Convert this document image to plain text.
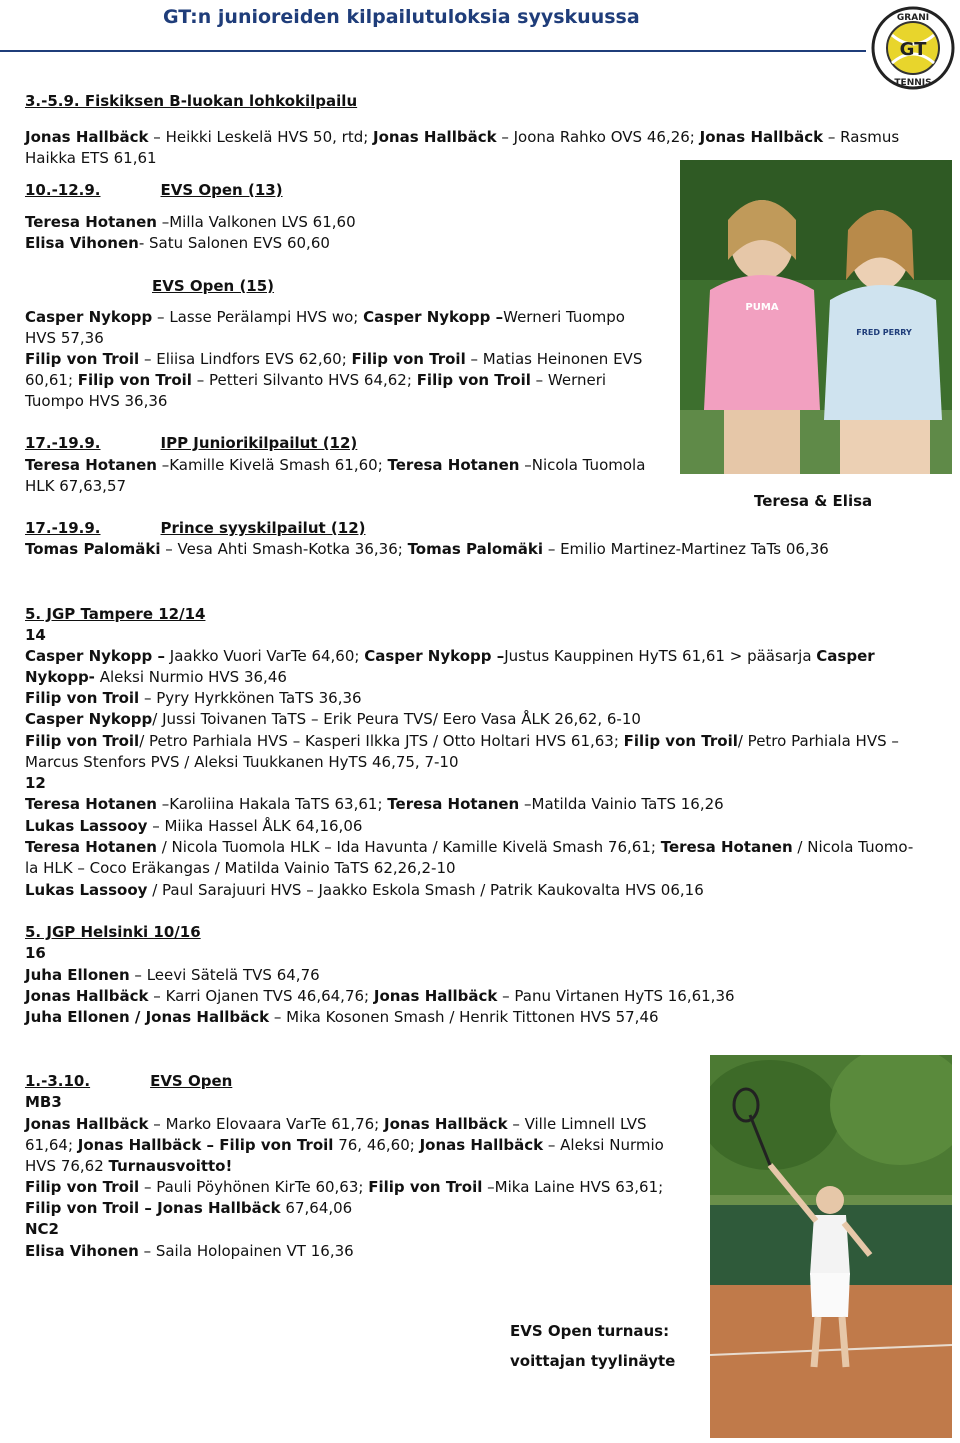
GT:n junioreiden kilpailutuloksia syyskuussa
GT
GRANI
TENNIS
3.-5.9. Fiskiksen B-luokan lohkokilpailu
Jonas Hallbäck – Heikki Leskelä HVS 50, rtd; Jonas Hallbäck – Joona Rahko OVS 46,26; Jonas Hallbäck – Rasmus
Haikka ETS 61,61
10.-12.9.	EVS Open (13)
Teresa Hotanen –Milla Valkonen LVS 61,60
Elisa Vihonen- Satu Salonen EVS 60,60
EVS Open (15)
Casper Nykopp – Lasse Perälampi HVS wo; Casper Nykopp –Werneri Tuompo
HVS 57,36
Filip von Troil – Eliisa Lindfors EVS 62,60; Filip von Troil – Matias Heinonen EVS
60,61; Filip von Troil – Petteri Silvanto HVS 64,62; Filip von Troil – Werneri
Tuompo HVS 36,36
17.-19.9.	IPP Juniorikilpailut (12)
Teresa Hotanen –Kamille Kivelä Smash 61,60; Teresa Hotanen –Nicola Tuomola
HLK 67,63,57
PUMA
FRED PERRY
Teresa & Elisa
17.-19.9.	Prince syyskilpailut (12)
Tomas Palomäki – Vesa Ahti Smash-Kotka 36,36; Tomas Palomäki – Emilio Martinez-Martinez TaTs 06,36
5. JGP Tampere 12/14
14
Casper Nykopp – Jaakko Vuori VarTe 64,60; Casper Nykopp –Justus Kauppinen HyTS 61,61 > pääsarja Casper
Nykopp- Aleksi Nurmio HVS 36,46
Filip von Troil – Pyry Hyrkkönen TaTS 36,36
Casper Nykopp/ Jussi Toivanen TaTS – Erik Peura TVS/ Eero Vasa ÅLK 26,62, 6-10
Filip von Troil/ Petro Parhiala HVS – Kasperi Ilkka JTS / Otto Holtari HVS 61,63; Filip von Troil/ Petro Parhiala HVS –
Marcus Stenfors PVS / Aleksi Tuukkanen HyTS 46,75, 7-10
12
Teresa Hotanen –Karoliina Hakala TaTS 63,61; Teresa Hotanen –Matilda Vainio TaTS 16,26
Lukas Lassooy – Miika Hassel ÅLK 64,16,06
Teresa Hotanen / Nicola Tuomola HLK – Ida Havunta / Kamille Kivelä Smash 76,61; Teresa Hotanen / Nicola Tuomo-
la HLK – Coco Eräkangas / Matilda Vainio TaTS 62,26,2-10
Lukas Lassooy / Paul Sarajuuri HVS – Jaakko Eskola Smash / Patrik Kaukovalta HVS 06,16
5. JGP Helsinki 10/16
16
Juha Ellonen – Leevi Sätelä TVS 64,76
Jonas Hallbäck – Karri Ojanen TVS 46,64,76; Jonas Hallbäck – Panu Virtanen HyTS 16,61,36
Juha Ellonen / Jonas Hallbäck – Mika Kosonen Smash / Henrik Tittonen HVS 57,46
1.-3.10.	EVS Open
MB3
Jonas Hallbäck – Marko Elovaara VarTe 61,76; Jonas Hallbäck – Ville Limnell LVS
61,64; Jonas Hallbäck – Filip von Troil 76, 46,60; Jonas Hallbäck – Aleksi Nurmio
HVS 76,62 Turnausvoitto!
Filip von Troil – Pauli Pöyhönen KirTe 60,63; Filip von Troil –Mika Laine HVS 63,61;
Filip von Troil – Jonas Hallbäck 67,64,06
NC2
Elisa Vihonen – Saila Holopainen VT 16,36
EVS Open turnaus:
voittajan tyylinäyte
